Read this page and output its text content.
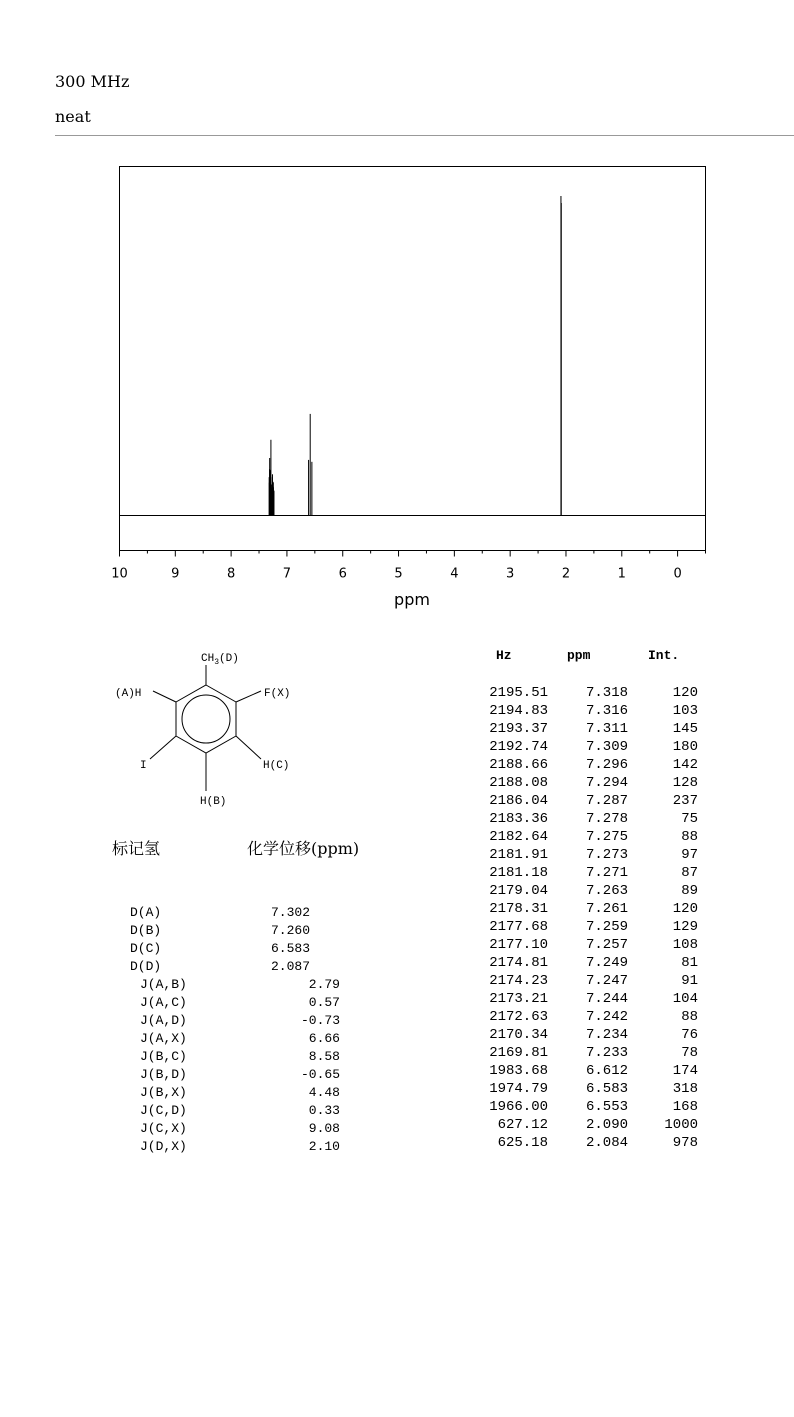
300 MHz
neat
10	9	8	7	6	5	4	3	2	1	0
ppm
$CH_3(D)$
(A)H	F(X)
I	H(C)
H(B)
标记氢	化学位移(ppm)
D(A)	7.302
D(B)	7.260
D(C)	6.583
D(D)	2.087
J(A,B)	2.79
J(A,C)	0.57
J(A,D)	-0.73
J(A,X)	6.66
J(B,C)	8.58
J(B,D)	-0.65
J(B,X)	4.48
J(C,D)	0.33
J(C,X)	9.08
J(D,X)	2.10
Hz	ppm	Int.
2195.51	7.318	120
2194.83	7.316	103
2193.37	7.311	145
2192.74	7.309	180
2188.66	7.296	142
2188.08	7.294	128
2186.04	7.287	237
2183.36	7.278	75
2182.64	7.275	88
2181.91	7.273	97
2181.18	7.271	87
2179.04	7.263	89
2178.31	7.261	120
2177.68	7.259	129
2177.10	7.257	108
2174.81	7.249	81
2174.23	7.247	91
2173.21	7.244	104
2172.63	7.242	88
2170.34	7.234	76
2169.81	7.233	78
1983.68	6.612	174
1974.79	6.583	318
1966.00	6.553	168
627.12	2.090	1000
625.18	2.084	978
